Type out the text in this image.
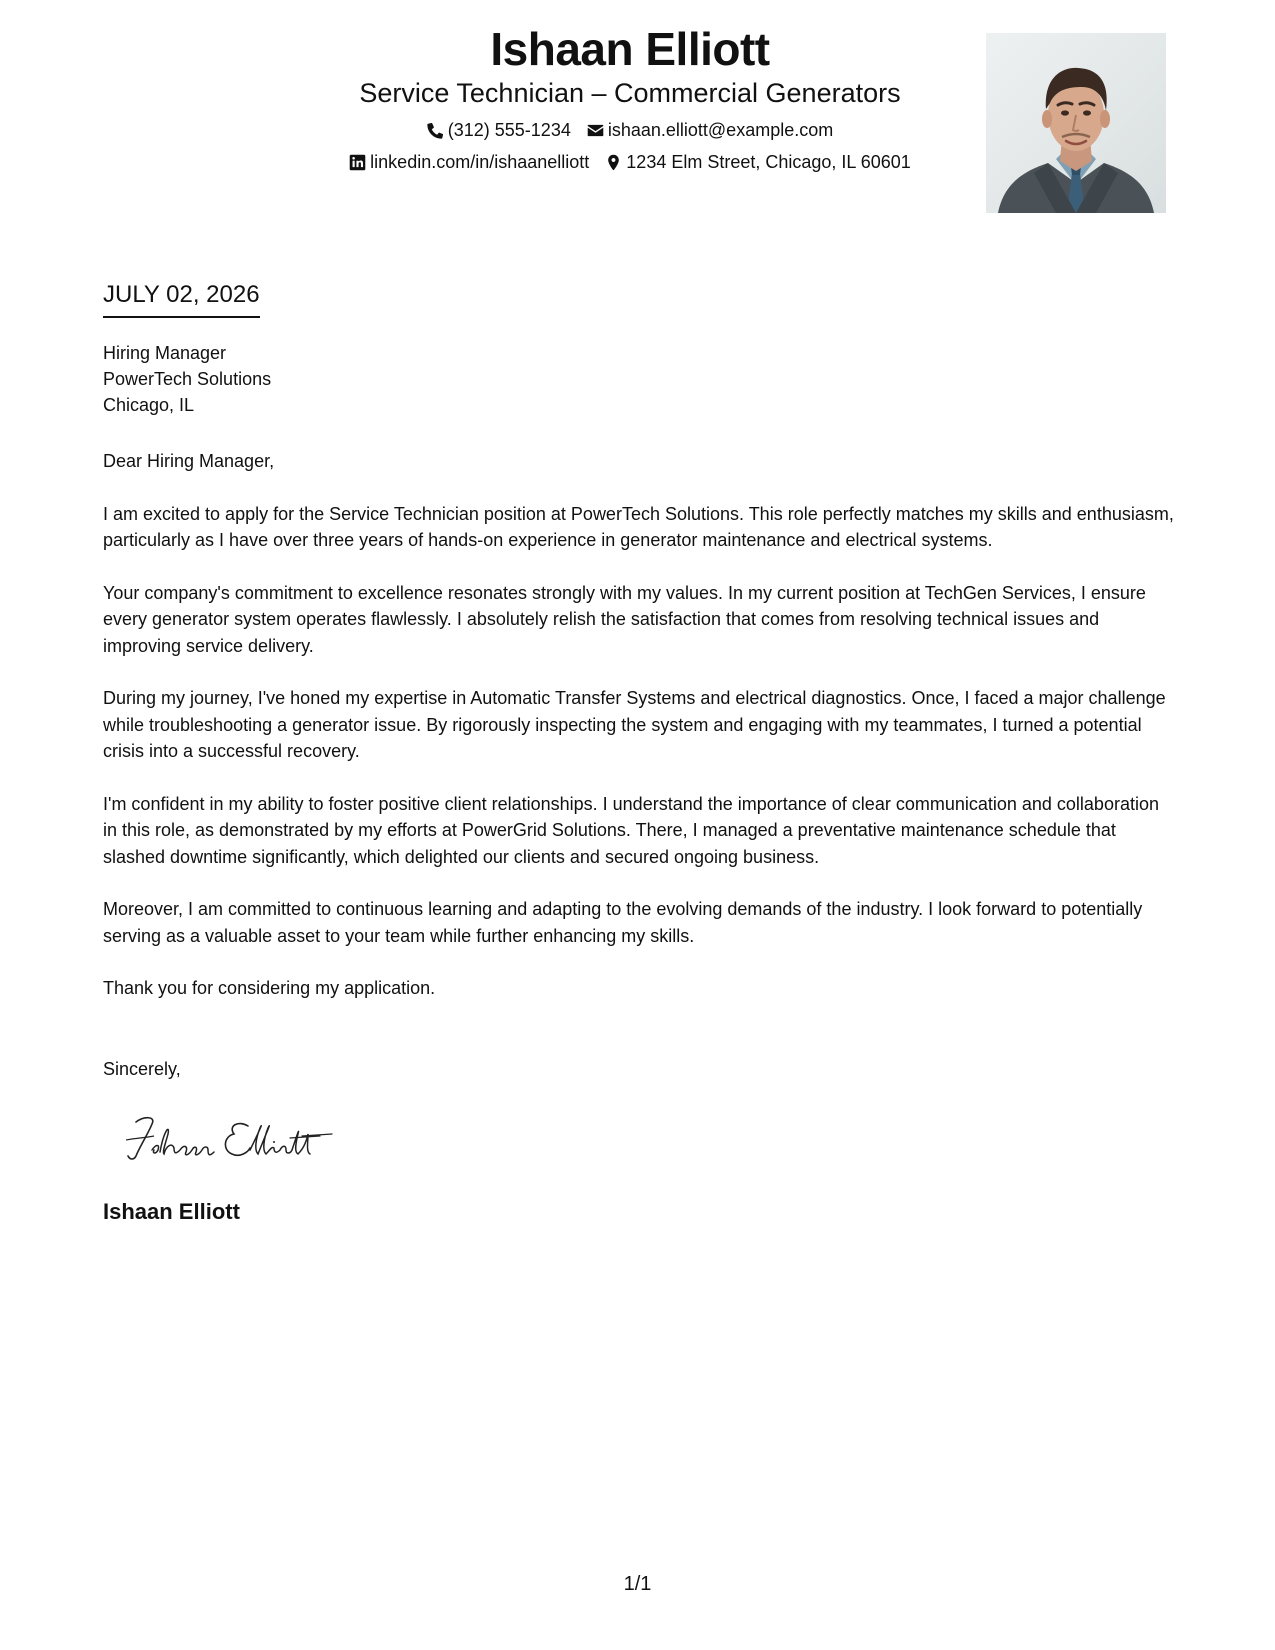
Ishaan Elliott
Service Technician – Commercial Generators
(312) 555-1234 ishaan.elliott@example.com
linkedin.com/in/ishaanelliott 1234 Elm Street, Chicago, IL 60601
JULY 02, 2026
Hiring Manager
PowerTech Solutions
Chicago, IL

Dear Hiring Manager,

I am excited to apply for the Service Technician position at PowerTech Solutions. This role perfectly matches my skills and enthusiasm, particularly as I have over three years of hands-on experience in generator maintenance and electrical systems.

Your company's commitment to excellence resonates strongly with my values. In my current position at TechGen Services, I ensure every generator system operates flawlessly. I absolutely relish the satisfaction that comes from resolving technical issues and improving service delivery.

During my journey, I've honed my expertise in Automatic Transfer Systems and electrical diagnostics. Once, I faced a major challenge while troubleshooting a generator issue. By rigorously inspecting the system and engaging with my teammates, I turned a potential crisis into a successful recovery.

I'm confident in my ability to foster positive client relationships. I understand the importance of clear communication and collaboration in this role, as demonstrated by my efforts at PowerGrid Solutions. There, I managed a preventative maintenance schedule that slashed downtime significantly, which delighted our clients and secured ongoing business.

Moreover, I am committed to continuous learning and adapting to the evolving demands of the industry. I look forward to potentially serving as a valuable asset to your team while further enhancing my skills.

Thank you for considering my application.

Sincerely,
Ishaan Elliott
1/1
